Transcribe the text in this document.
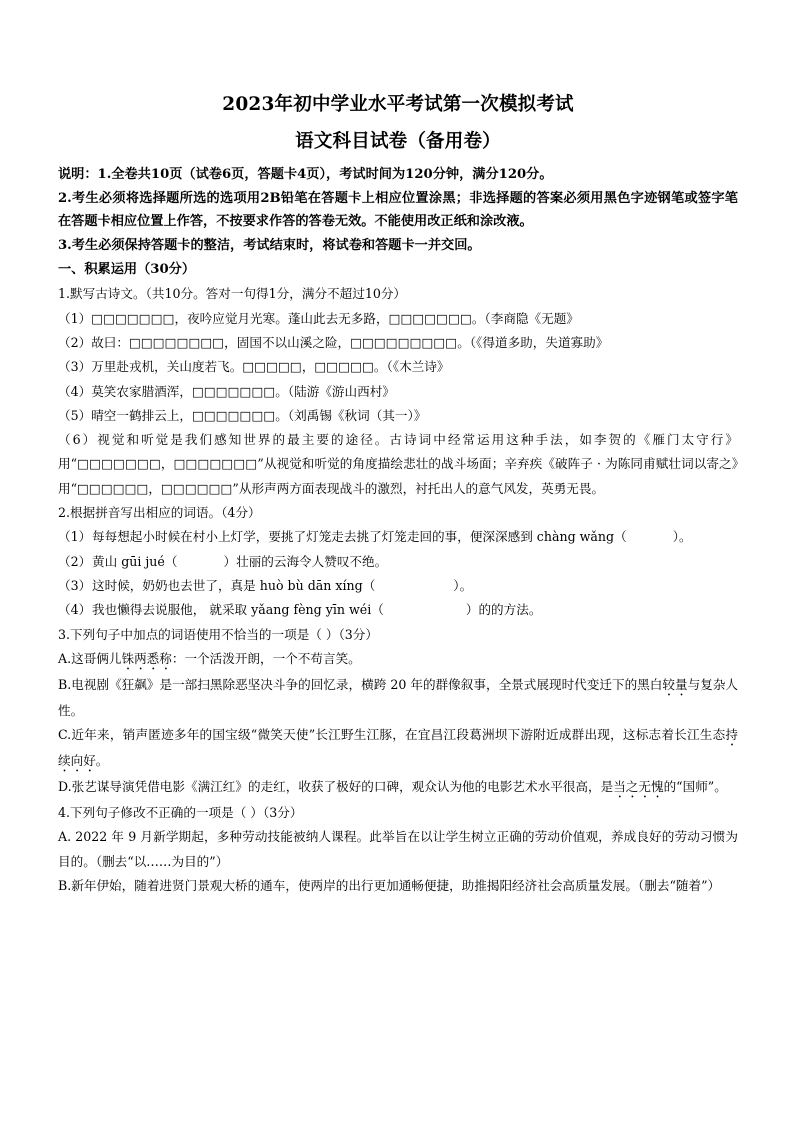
2023年初中学业水平考试第一次模拟考试
语文科目试卷（备用卷）

说明：1.全卷共10页（试卷6页，答题卡4页），考试时间为120分钟，满分120分。

2.考生必须将选择题所选的选项用2B铅笔在答题卡上相应位置涂黑；非选择题的答案必须用黑色字迹钢笔或签字笔在答题卡相应位置上作答，不按要求作答的答卷无效。不能使用改正纸和涂改液。

3.考生必须保持答题卡的整洁，考试结束时，将试卷和答题卡一并交回。

一、积累运用（30分）

1.默写古诗文。（共10分。答对一句得1分，满分不超过10分）

（1）□□□□□□□，夜吟应觉月光寒。蓬山此去无多路，□□□□□□□。（李商隐《无题》

（2）故曰：□□□□□□□□，固国不以山溪之险，□□□□□□□□□。（《得道多助，失道寡助》

（3）万里赴戎机，关山度若飞。□□□□□，□□□□□。（《木兰诗》

（4）莫笑农家腊酒浑，□□□□□□□。（陆游《游山西村》

（5）晴空一鹤排云上，□□□□□□□。（刘禹锡《秋词（其一）》

（6）视觉和听觉是我们感知世界的最主要的途径。古诗词中经常运用这种手法，如李贺的《雁门太守行》用“□□□□□□□，□□□□□□□”从视觉和听觉的角度描绘悲壮的战斗场面；辛弃疾《破阵子 · 为陈同甫赋壮词以寄之》用“□□□□□□，□□□□□□”从形声两方面表现战斗的激烈，衬托出人的意气风发，英勇无畏。

2.根据拼音写出相应的词语。（4分）

（1） 每每想起小时候在村小上灯学，要挑了灯笼走去挑了灯笼走回的事，便深深感到 chàng wǎng（	）。
（2） 黄山 gūi jué（	）壮丽的云海令人赞叹不绝。
（3） 这时候，奶奶也去世了，真是 huò bù dān xíng（	）。
（4） 我也懒得去说服他， 就采取 yǎang fèng yīn wéi（	）的的方法。

3.下列句子中加点的词语使用不恰当的一项是（ ）（3分）

A.这哥俩儿铢两悉称：一个活泼开朗，一个不苟言笑。

B.电视剧《狂飙》是一部扫黑除恶坚决斗争的回忆录，横跨 20 年的群像叙事，全景式展现时代变迁下的黑白较量与复杂人性。

C.近年来，销声匿迹多年的国宝级“微笑天使”长江野生江豚，在宜昌江段葛洲坝下游附近成群出现，这标志着长江生态持续向好。

D.张艺谋导演凭借电影《满江红》的走红，收获了极好的口碑，观众认为他的电影艺术水平很高，是当之无愧的“国师”。

4.下列句子修改不正确的一项是（ ）（3分）

A. 2022 年 9 月新学期起，多种劳动技能被纳人课程。此举旨在以让学生树立正确的劳动价值观，养成良好的劳动习惯为目的。（删去“以……为目的”）

B.新年伊始，随着进贤门景观大桥的通车，使两岸的出行更加通畅便捷，助推揭阳经济社会高质量发展。（删去“随着”）
